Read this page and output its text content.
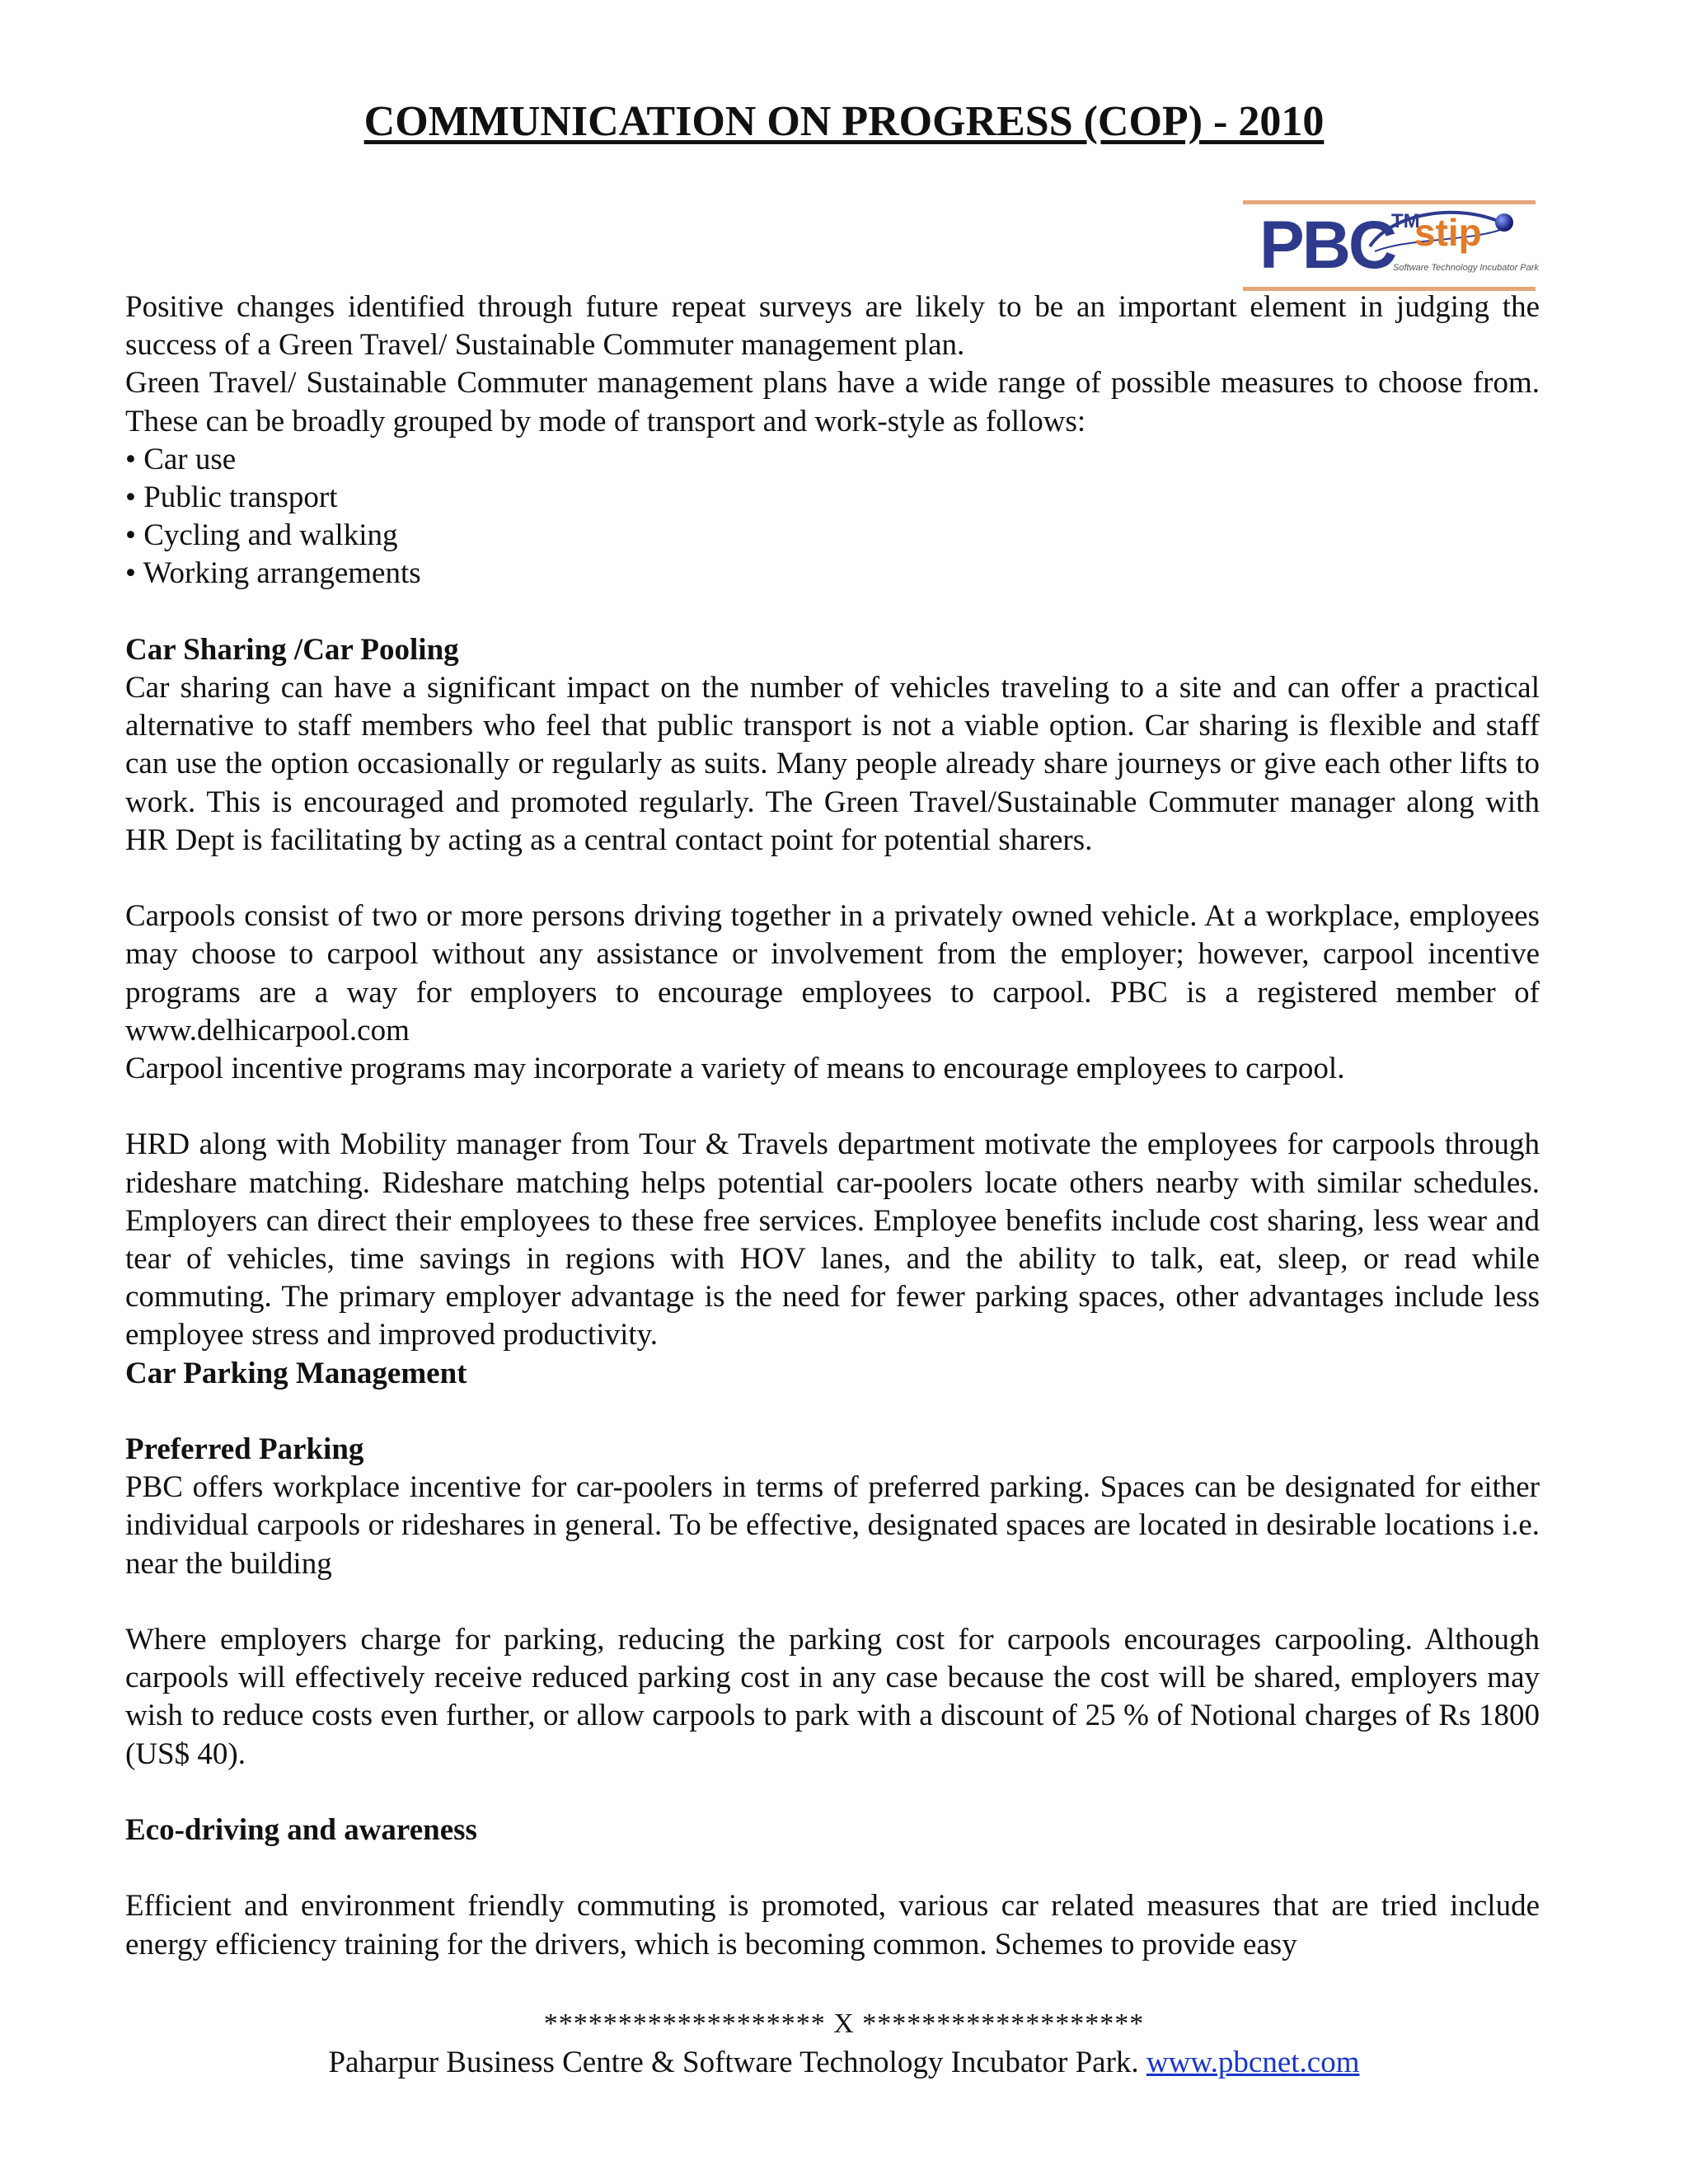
COMMUNICATION ON PROGRESS (COP) - 2010
PBC
TM
stip
Software Technology Incubator Park

Positive changes identified through future repeat surveys are likely to be an important element in judging the success of a Green Travel/ Sustainable Commuter management plan.

Green Travel/ Sustainable Commuter management plans have a wide range of possible measures to choose from. These can be broadly grouped by mode of transport and work-style as follows:

• Car use

• Public transport

• Cycling and walking

• Working arrangements

Car Sharing /Car Pooling

Car sharing can have a significant impact on the number of vehicles traveling to a site and can offer a practical alternative to staff members who feel that public transport is not a viable option. Car sharing is flexible and staff can use the option occasionally or regularly as suits. Many people already share journeys or give each other lifts to work. This is encouraged and promoted regularly. The Green Travel/Sustainable Commuter manager along with HR Dept is facilitating by acting as a central contact point for potential sharers.

Carpools consist of two or more persons driving together in a privately owned vehicle. At a workplace, employees may choose to carpool without any assistance or involvement from the employer; however, carpool incentive programs are a way for employers to encourage employees to carpool. PBC is a registered member of www.delhicarpool.com

Carpool incentive programs may incorporate a variety of means to encourage employees to carpool.

HRD along with Mobility manager from Tour & Travels department motivate the employees for carpools through rideshare matching. Rideshare matching helps potential car-poolers locate others nearby with similar schedules. Employers can direct their employees to these free services. Employee benefits include cost sharing, less wear and tear of vehicles, time savings in regions with HOV lanes, and the ability to talk, eat, sleep, or read while commuting. The primary employer advantage is the need for fewer parking spaces, other advantages include less employee stress and improved productivity.

Car Parking Management

Preferred Parking

PBC offers workplace incentive for car-poolers in terms of preferred parking. Spaces can be designated for either individual carpools or rideshares in general. To be effective, designated spaces are located in desirable locations i.e. near the building

Where employers charge for parking, reducing the parking cost for carpools encourages carpooling. Although carpools will effectively receive reduced parking cost in any case because the cost will be shared, employers may wish to reduce costs even further, or allow carpools to park with a discount of 25 % of Notional charges of Rs 1800 (US$ 40).

Eco-driving and awareness

Efficient and environment friendly commuting is promoted, various car related measures that are tried include energy efficiency training for the drivers, which is becoming common. Schemes to provide easy

******************* X *******************
Paharpur Business Centre & Software Technology Incubator Park. www.pbcnet.com
